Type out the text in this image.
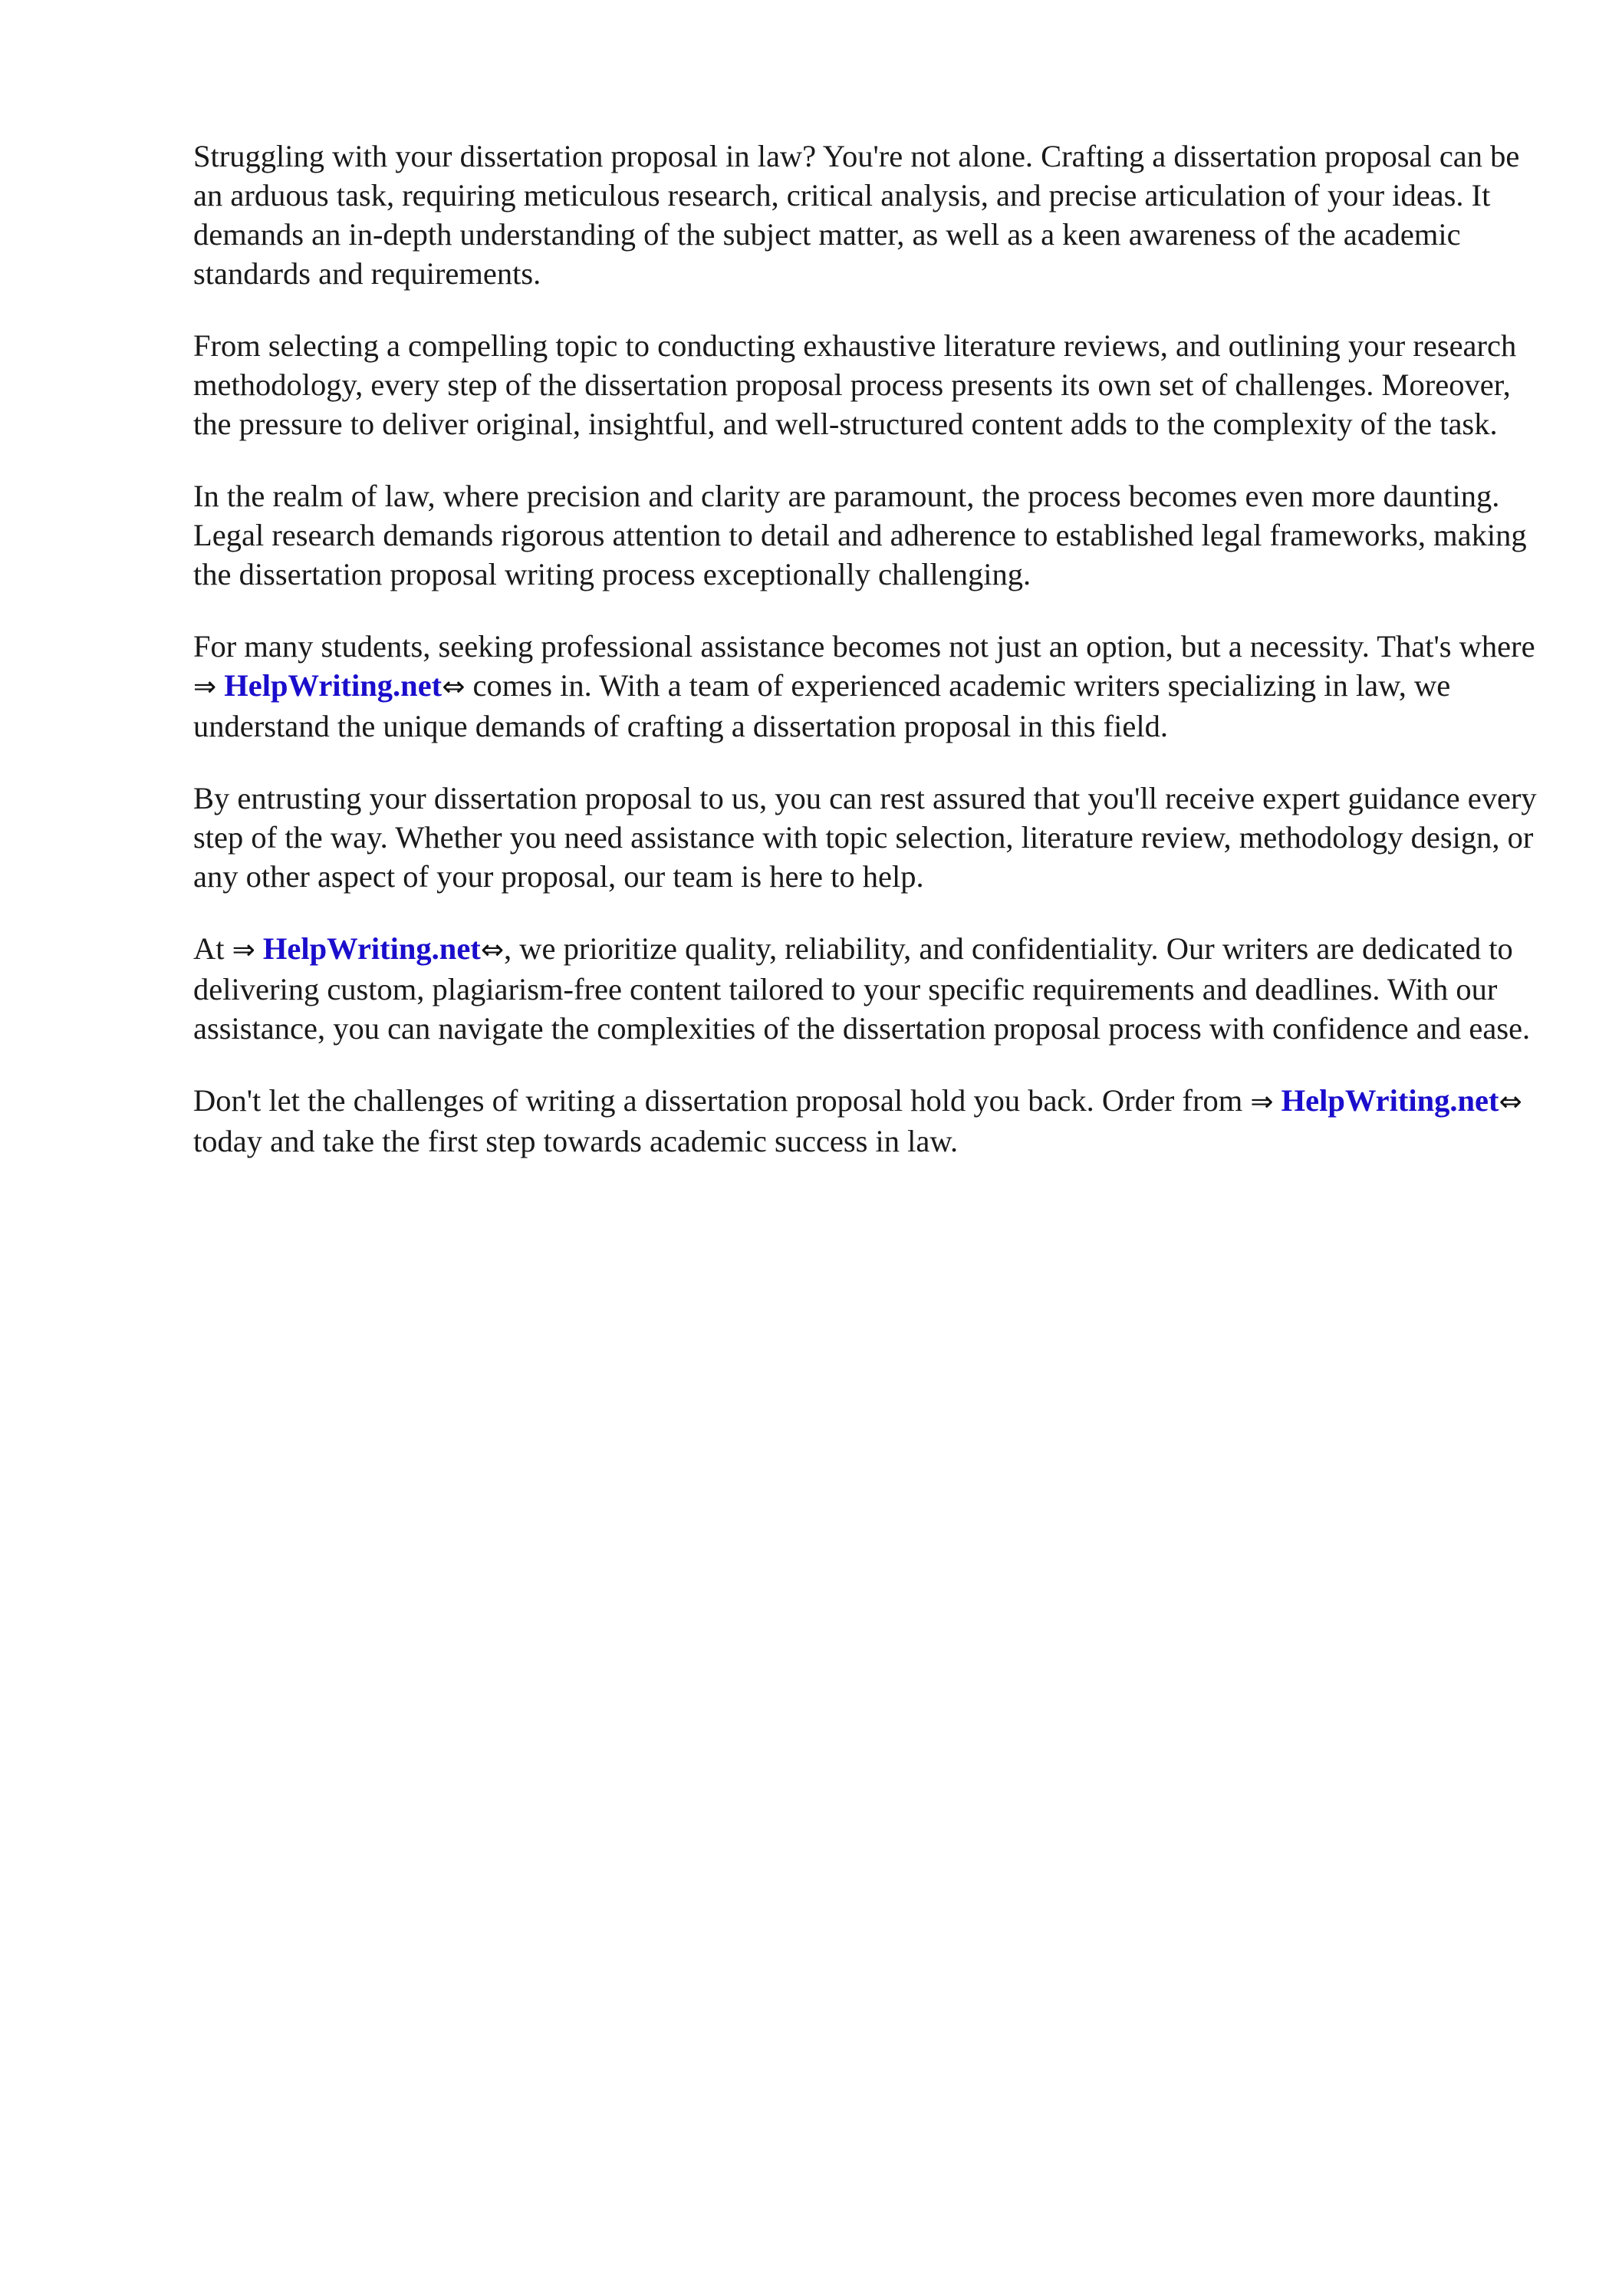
Struggling with your dissertation proposal in law? You're not alone. Crafting a dissertation proposal can be an arduous task, requiring meticulous research, critical analysis, and precise articulation of your ideas. It demands an in-depth understanding of the subject matter, as well as a keen awareness of the academic standards and requirements.

From selecting a compelling topic to conducting exhaustive literature reviews, and outlining your research methodology, every step of the dissertation proposal process presents its own set of challenges. Moreover, the pressure to deliver original, insightful, and well-structured content adds to the complexity of the task.

In the realm of law, where precision and clarity are paramount, the process becomes even more daunting. Legal research demands rigorous attention to detail and adherence to established legal frameworks, making the dissertation proposal writing process exceptionally challenging.

For many students, seeking professional assistance becomes not just an option, but a necessity. That's where ⇒ HelpWriting.net⇔ comes in. With a team of experienced academic writers specializing in law, we understand the unique demands of crafting a dissertation proposal in this field.

By entrusting your dissertation proposal to us, you can rest assured that you'll receive expert guidance every step of the way. Whether you need assistance with topic selection, literature review, methodology design, or any other aspect of your proposal, our team is here to help.

At ⇒ HelpWriting.net⇔, we prioritize quality, reliability, and confidentiality. Our writers are dedicated to delivering custom, plagiarism-free content tailored to your specific requirements and deadlines. With our assistance, you can navigate the complexities of the dissertation proposal process with confidence and ease.

Don't let the challenges of writing a dissertation proposal hold you back. Order from ⇒ HelpWriting.net⇔ today and take the first step towards academic success in law.
